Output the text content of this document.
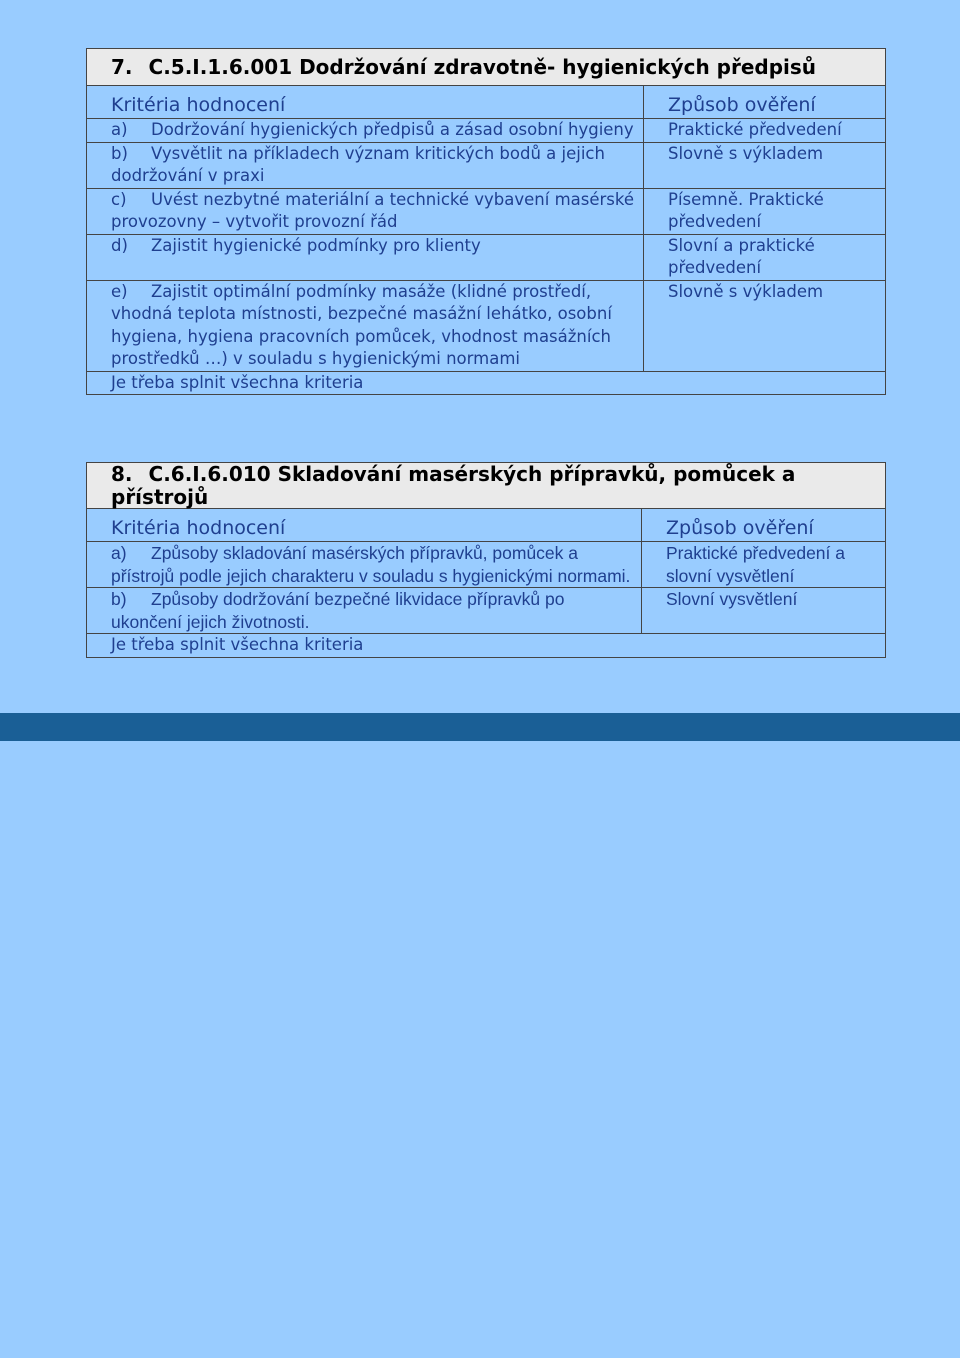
7. C.5.I.1.6.001 Dodržování zdravotně- hygienických předpisů	
Kritéria hodnocení	Způsob ověření
a) Dodržování hygienických předpisů a zásad osobní hygieny	Praktické předvedení
b) Vysvětlit na příkladech význam kritických bodů a jejich dodržování v praxi	Slovně s výkladem
c) Uvést nezbytné materiální a technické vybavení masérské provozovny – vytvořit provozní řád	Písemně. Praktické předvedení
d) Zajistit hygienické podmínky pro klienty	Slovní a praktické předvedení
e) Zajistit optimální podmínky masáže (klidné prostředí, vhodná teplota místnosti, bezpečné masážní lehátko, osobní hygiena, hygiena pracovních pomůcek, vhodnost masážních prostředků …) v souladu s hygienickými normami	Slovně s výkladem
Je třeba splnit všechna kriteria	
8. C.6.I.6.010 Skladování masérských přípravků, pomůcek a přístrojů	
Kritéria hodnocení	Způsob ověření
a) Způsoby skladování masérských přípravků, pomůcek a přístrojů podle jejich charakteru v souladu s hygienickými normami.	Praktické předvedení a slovní vysvětlení
b) Způsoby dodržování bezpečné likvidace přípravků po ukončení jejich životnosti.	Slovní vysvětlení
Je třeba splnit všechna kriteria	
